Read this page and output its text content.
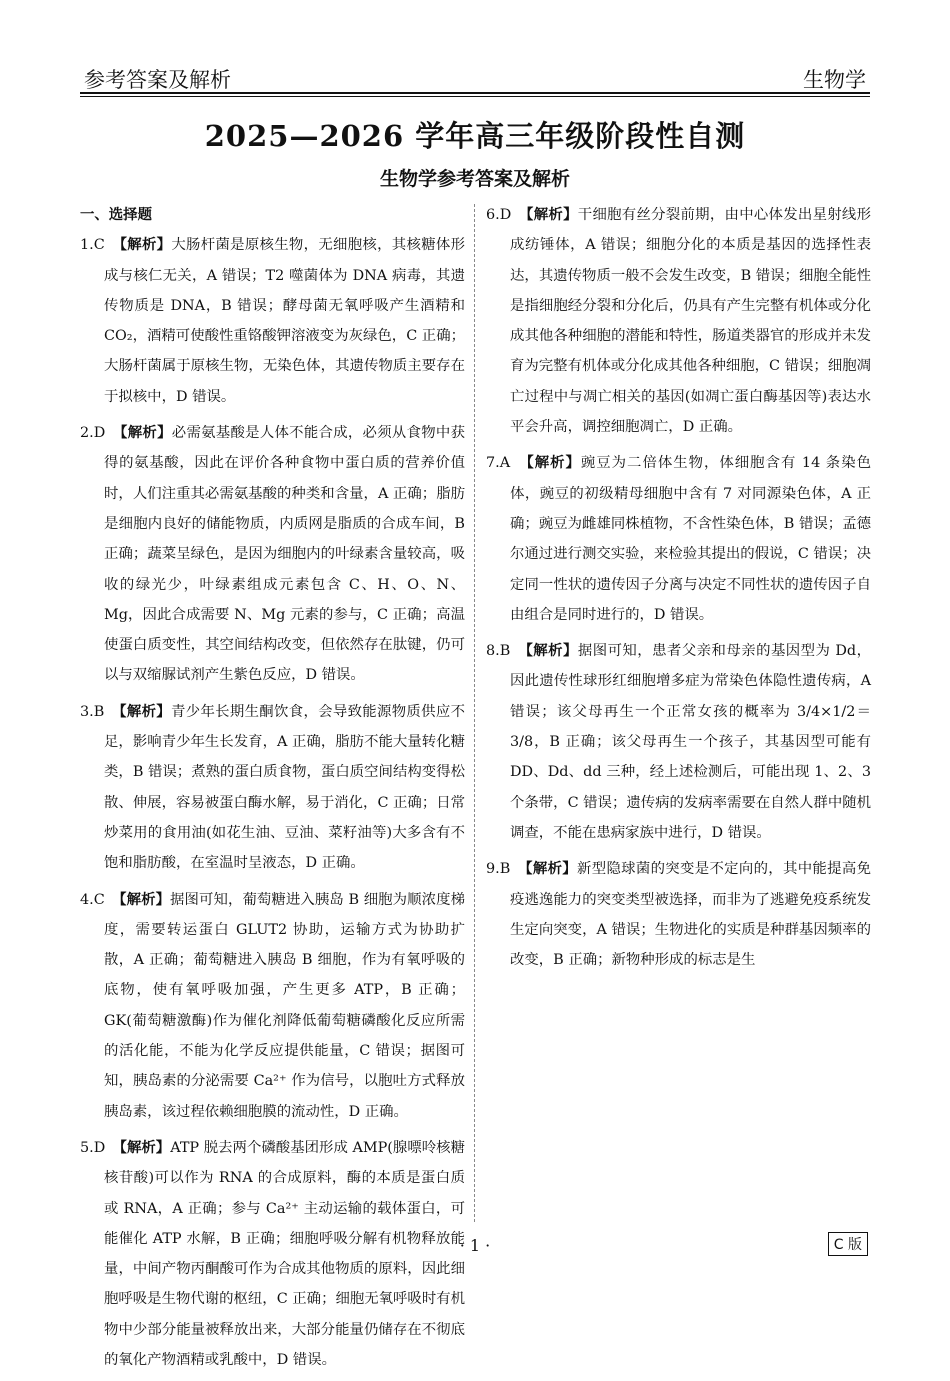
参考答案及解析	生物学
2025—2026 学年高三年级阶段性自测
生物学参考答案及解析
一、选择题
1.C　 【解析】大肠杆菌是原核生物，无细胞核，其核糖体形成与核仁无关，A 错误；T2 噬菌体为 DNA 病毒，其遗传物质是 DNA，B 错误；酵母菌无氧呼吸产生酒精和 CO₂，酒精可使酸性重铬酸钾溶液变为灰绿色，C 正确；大肠杆菌属于原核生物，无染色体，其遗传物质主要存在于拟核中，D 错误。
2.D　 【解析】必需氨基酸是人体不能合成，必须从食物中获得的氨基酸，因此在评价各种食物中蛋白质的营养价值时，人们注重其必需氨基酸的种类和含量，A 正确；脂肪是细胞内良好的储能物质，内质网是脂质的合成车间，B 正确；蔬菜呈绿色，是因为细胞内的叶绿素含量较高，吸收的绿光少，叶绿素组成元素包含 C、H、O、N、Mg，因此合成需要 N、Mg 元素的参与，C 正确；高温使蛋白质变性，其空间结构改变，但依然存在肽键，仍可以与双缩脲试剂产生紫色反应，D 错误。
3.B　 【解析】青少年长期生酮饮食，会导致能源物质供应不足，影响青少年生长发育，A 正确，脂肪不能大量转化糖类，B 错误；煮熟的蛋白质食物，蛋白质空间结构变得松散、伸展，容易被蛋白酶水解，易于消化，C 正确；日常炒菜用的食用油(如花生油、豆油、菜籽油等)大多含有不饱和脂肪酸，在室温时呈液态，D 正确。
4.C　 【解析】据图可知，葡萄糖进入胰岛 B 细胞为顺浓度梯度，需要转运蛋白 GLUT2 协助，运输方式为协助扩散，A 正确；葡萄糖进入胰岛 B 细胞，作为有氧呼吸的底物，使有氧呼吸加强，产生更多 ATP，B 正确；GK(葡萄糖激酶)作为催化剂降低葡萄糖磷酸化反应所需的活化能，不能为化学反应提供能量，C 错误；据图可知，胰岛素的分泌需要 Ca²⁺ 作为信号，以胞吐方式释放胰岛素，该过程依赖细胞膜的流动性，D 正确。
5.D　 【解析】ATP 脱去两个磷酸基团形成 AMP(腺嘌呤核糖核苷酸)可以作为 RNA 的合成原料，酶的本质是蛋白质或 RNA，A 正确；参与 Ca²⁺ 主动运输的载体蛋白，可能催化 ATP 水解，B 正确；细胞呼吸分解有机物释放能量，中间产物丙酮酸可作为合成其他物质的原料，因此细胞呼吸是生物代谢的枢纽，C 正确；细胞无氧呼吸时有机物中少部分能量被释放出来，大部分能量仍储存在不彻底的氧化产物酒精或乳酸中，D 错误。
6.D　 【解析】干细胞有丝分裂前期，由中心体发出星射线形成纺锤体，A 错误；细胞分化的本质是基因的选择性表达，其遗传物质一般不会发生改变，B 错误；细胞全能性是指细胞经分裂和分化后，仍具有产生完整有机体或分化成其他各种细胞的潜能和特性，肠道类器官的形成并未发育为完整有机体或分化成其他各种细胞，C 错误；细胞凋亡过程中与凋亡相关的基因(如凋亡蛋白酶基因等)表达水平会升高，调控细胞凋亡，D 正确。
7.A　 【解析】豌豆为二倍体生物，体细胞含有 14 条染色体，豌豆的初级精母细胞中含有 7 对同源染色体，A 正确；豌豆为雌雄同株植物，不含性染色体，B 错误；孟德尔通过进行测交实验，来检验其提出的假说，C 错误；决定同一性状的遗传因子分离与决定不同性状的遗传因子自由组合是同时进行的，D 错误。
8.B　 【解析】据图可知，患者父亲和母亲的基因型为 Dd，因此遗传性球形红细胞增多症为常染色体隐性遗传病，A 错误；该父母再生一个正常女孩的概率为 3/4×1/2＝3/8，B 正确；该父母再生一个孩子，其基因型可能有 DD、Dd、dd 三种，经上述检测后，可能出现 1、2、3 个条带，C 错误；遗传病的发病率需要在自然人群中随机调查，不能在患病家族中进行，D 错误。
9.B　 【解析】新型隐球菌的突变是不定向的，其中能提高免疫逃逸能力的突变类型被选择，而非为了逃避免疫系统发生定向突变，A 错误；生物进化的实质是种群基因频率的改变，B 正确；新物种形成的标志是生
· 1 ·	C 版
